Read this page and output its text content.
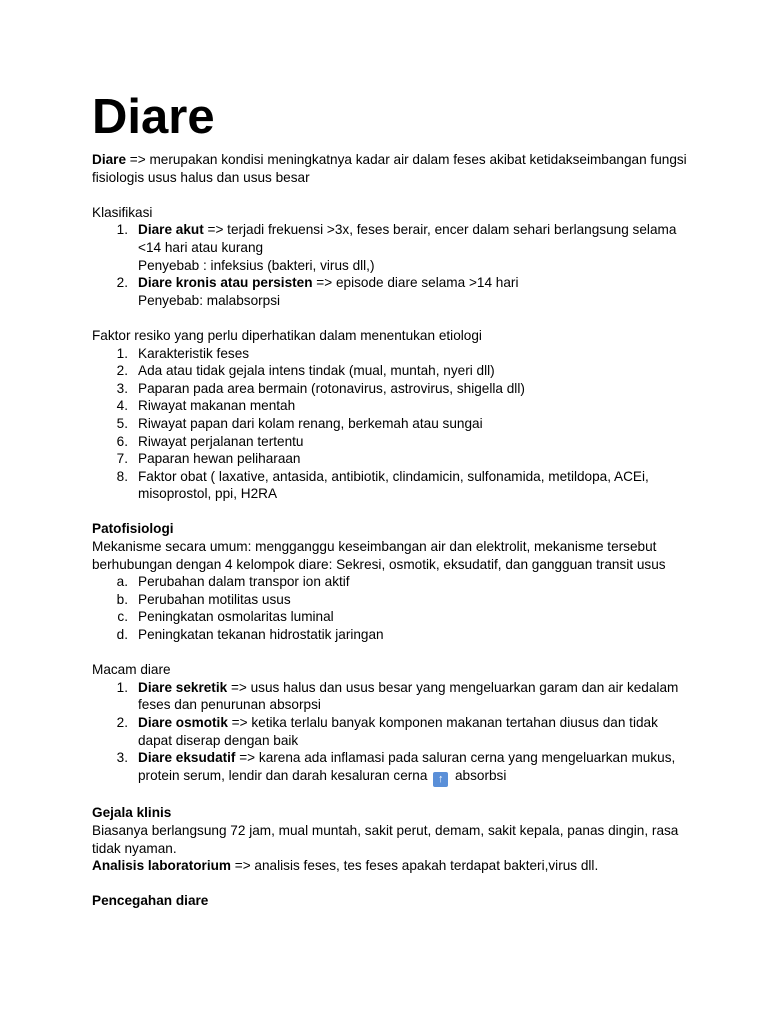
Diare

Diare => merupakan kondisi meningkatnya kadar air dalam feses akibat ketidakseimbangan fungsi fisiologis usus halus dan usus besar

Klasifikasi

1. Diare akut => terjadi frekuensi >3x, feses berair, encer dalam sehari berlangsung selama <14 hari atau kurang
Penyebab : infeksius (bakteri, virus dll,)
2. Diare kronis atau persisten => episode diare selama >14 hari
Penyebab: malabsorpsi

Faktor resiko yang perlu diperhatikan dalam menentukan etiologi

1. Karakteristik feses
2. Ada atau tidak gejala intens tindak (mual, muntah, nyeri dll)
3. Paparan pada area bermain (rotonavirus, astrovirus, shigella dll)
4. Riwayat makanan mentah
5. Riwayat papan dari kolam renang, berkemah atau sungai
6. Riwayat perjalanan tertentu
7. Paparan hewan peliharaan
8. Faktor obat ( laxative, antasida, antibiotik, clindamicin, sulfonamida, metildopa, ACEi, misoprostol, ppi, H2RA

Patofisiologi

Mekanisme secara umum: mengganggu keseimbangan air dan elektrolit, mekanisme tersebut berhubungan dengan 4 kelompok diare: Sekresi, osmotik, eksudatif, dan gangguan transit usus

a. Perubahan dalam transpor ion aktif
b. Perubahan motilitas usus
c. Peningkatan osmolaritas luminal
d. Peningkatan tekanan hidrostatik jaringan

Macam diare

1. Diare sekretik => usus halus dan usus besar yang mengeluarkan garam dan air kedalam feses dan penurunan absorpsi
2. Diare osmotik => ketika terlalu banyak komponen makanan tertahan diusus dan tidak dapat diserap dengan baik
3. Diare eksudatif => karena ada inflamasi pada saluran cerna yang mengeluarkan mukus, protein serum, lendir dan darah kesaluran cerna ↑ absorbsi

Gejala klinis

Biasanya berlangsung 72 jam, mual muntah, sakit perut, demam, sakit kepala, panas dingin, rasa tidak nyaman.

Analisis laboratorium => analisis feses, tes feses apakah terdapat bakteri,virus dll.

Pencegahan diare
